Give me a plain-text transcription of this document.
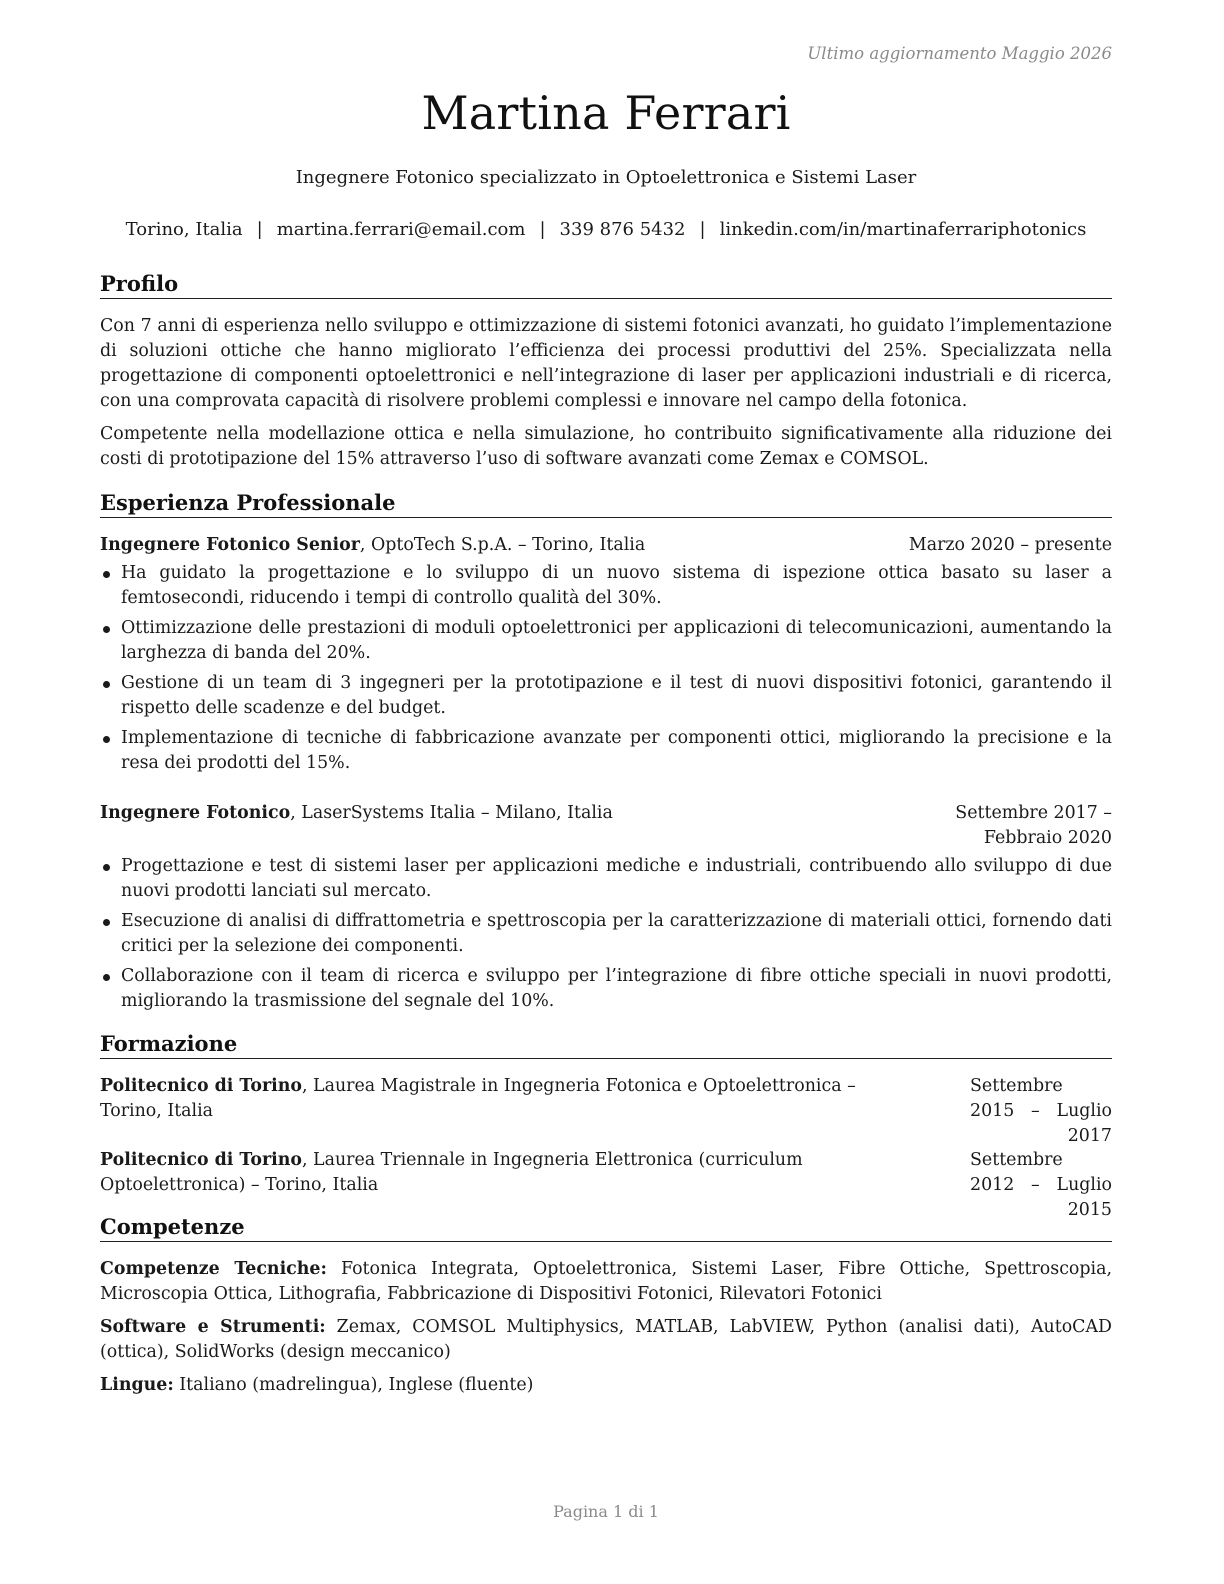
Ultimo aggiornamento Maggio 2026
Martina Ferrari
Ingegnere Fotonico specializzato in Optoelettronica e Sistemi Laser
Torino, Italia | martina.ferrari@email.com | 339 876 5432 | linkedin.com/in/martinaferrariphotonics
Profilo

Con 7 anni di esperienza nello sviluppo e ottimizzazione di sistemi fotonici avanzati, ho guidato l’implementazione di soluzioni ottiche che hanno migliorato l’efficienza dei processi produttivi del 25%. Specializzata nella progettazione di componenti optoelettronici e nell’integrazione di laser per applicazioni industriali e di ricerca, con una comprovata capacità di risolvere problemi complessi e innovare nel campo della fotonica.

Competente nella modellazione ottica e nella simulazione, ho contribuito significativamente alla riduzione dei costi di prototipazione del 15% attraverso l’uso di software avanzati come Zemax e COMSOL.

Esperienza Professionale
Ingegnere Fotonico Senior, OptoTech S.p.A. – Torino, Italia	Marzo 2020 – presente
Ha guidato la progettazione e lo sviluppo di un nuovo sistema di ispezione ottica basato su laser a femtosecondi, riducendo i tempi di controllo qualità del 30%.
Ottimizzazione delle prestazioni di moduli optoelettronici per applicazioni di telecomunicazioni, aumentando la larghezza di banda del 20%.
Gestione di un team di 3 ingegneri per la prototipazione e il test di nuovi dispositivi fotonici, garantendo il rispetto delle scadenze e del budget.
Implementazione di tecniche di fabbricazione avanzate per componenti ottici, migliorando la precisione e la resa dei prodotti del 15%.
Ingegnere Fotonico, LaserSystems Italia – Milano, Italia	Settembre 2017 – Febbraio 2020
Progettazione e test di sistemi laser per applicazioni mediche e industriali, contribuendo allo sviluppo di due nuovi prodotti lanciati sul mercato.
Esecuzione di analisi di diffrattometria e spettroscopia per la caratterizzazione di materiali ottici, fornendo dati critici per la selezione dei componenti.
Collaborazione con il team di ricerca e sviluppo per l’integrazione di fibre ottiche speciali in nuovi prodotti, migliorando la trasmissione del segnale del 10%.
Formazione
Politecnico di Torino, Laurea Magistrale in Ingegneria Fotonica e Optoelettronica – Torino, Italia
Settembre 2015 – Luglio 2017
Politecnico di Torino, Laurea Triennale in Ingegneria Elettronica (curriculum Optoelettronica) – Torino, Italia
Settembre 2012 – Luglio 2015
Competenze
Competenze Tecniche: Fotonica Integrata, Optoelettronica, Sistemi Laser, Fibre Ottiche, Spettroscopia, Microscopia Ottica, Lithografia, Fabbricazione di Dispositivi Fotonici, Rilevatori Fotonici
Software e Strumenti: Zemax, COMSOL Multiphysics, MATLAB, LabVIEW, Python (analisi dati), AutoCAD (ottica), SolidWorks (design meccanico)
Lingue: Italiano (madrelingua), Inglese (fluente)
Pagina 1 di 1
